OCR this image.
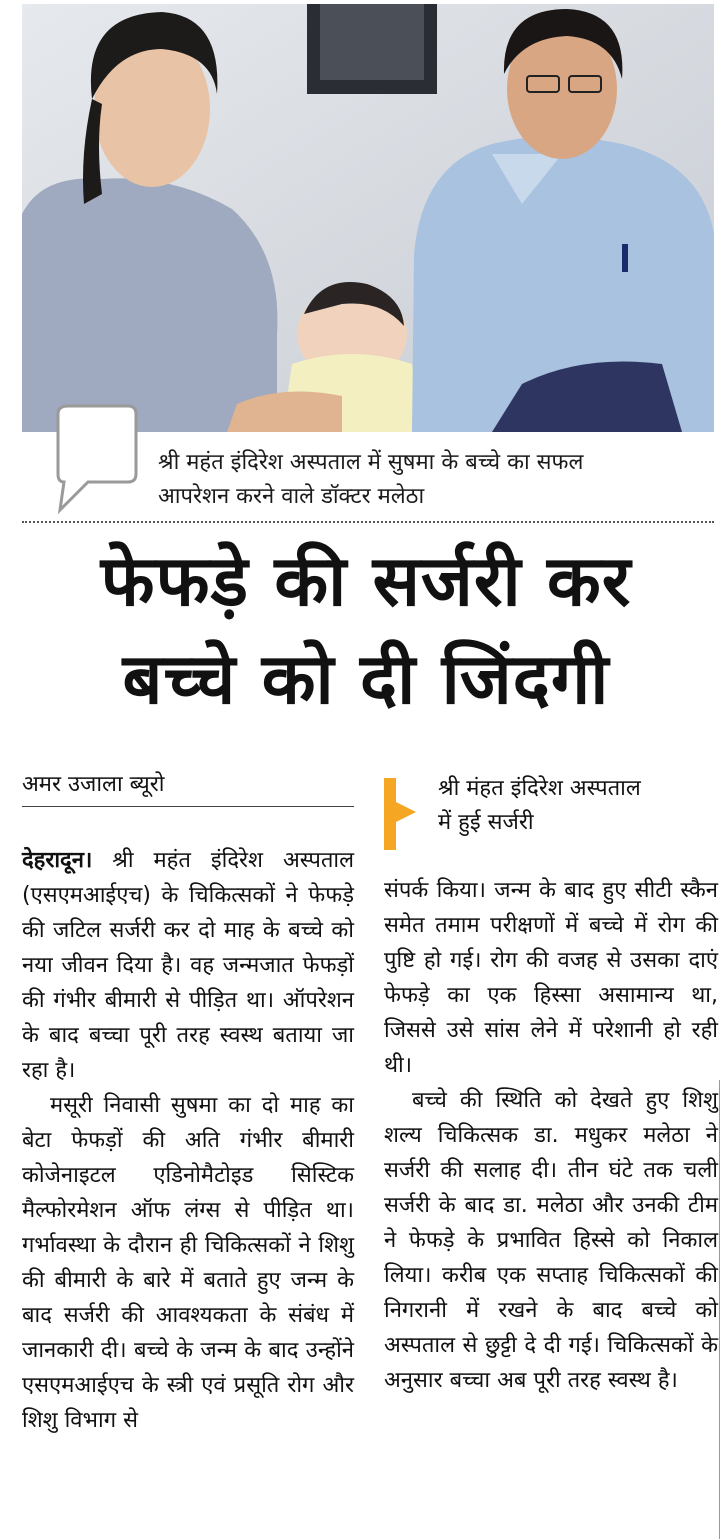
श्री महंत इंदिरेश अस्पताल में सुषमा के बच्चे का सफल
आपरेशन करने वाले डॉक्टर मलेठा
फेफड़े की सर्जरी कर
बच्चे को दी जिंदगी
अमर उजाला ब्यूरो	श्री मंहत इंदिरेश अस्पताल
में हुई सर्जरी

देहरादून। श्री महंत इंदिरेश अस्पताल (एसएमआईएच) के चिकित्सकों ने फेफड़े की जटिल सर्जरी कर दो माह के बच्चे को नया जीवन दिया है। वह जन्मजात फेफड़ों की गंभीर बीमारी से पीड़ित था। ऑपरेशन के बाद बच्चा पूरी तरह स्वस्थ बताया जा रहा है।

मसूरी निवासी सुषमा का दो माह का बेटा फेफड़ों की अति गंभीर बीमारी कोजेनाइटल एडिनोमैटोइड सिस्टिक मैल्फोरमेशन ऑफ लंग्स से पीड़ित था। गर्भावस्था के दौरान ही चिकित्सकों ने शिशु की बीमारी के बारे में बताते हुए जन्म के बाद सर्जरी की आवश्यकता के संबंध में जानकारी दी। बच्चे के जन्म के बाद उन्होंने एसएमआईएच के स्त्री एवं प्रसूति रोग और शिशु विभाग से

संपर्क किया। जन्म के बाद हुए सीटी स्कैन समेत तमाम परीक्षणों में बच्चे में रोग की पुष्टि हो गई। रोग की वजह से उसका दाएं फेफड़े का एक हिस्सा असामान्य था, जिससे उसे सांस लेने में परेशानी हो रही थी।

बच्चे की स्थिति को देखते हुए शिशु शल्य चिकित्सक डा. मधुकर मलेठा ने सर्जरी की सलाह दी। तीन घंटे तक चली सर्जरी के बाद डा. मलेठा और उनकी टीम ने फेफड़े के प्रभावित हिस्से को निकाल लिया। करीब एक सप्ताह चिकित्सकों की निगरानी में रखने के बाद बच्चे को अस्पताल से छुट्टी दे दी गई। चिकित्सकों के अनुसार बच्चा अब पूरी तरह स्वस्थ है।
